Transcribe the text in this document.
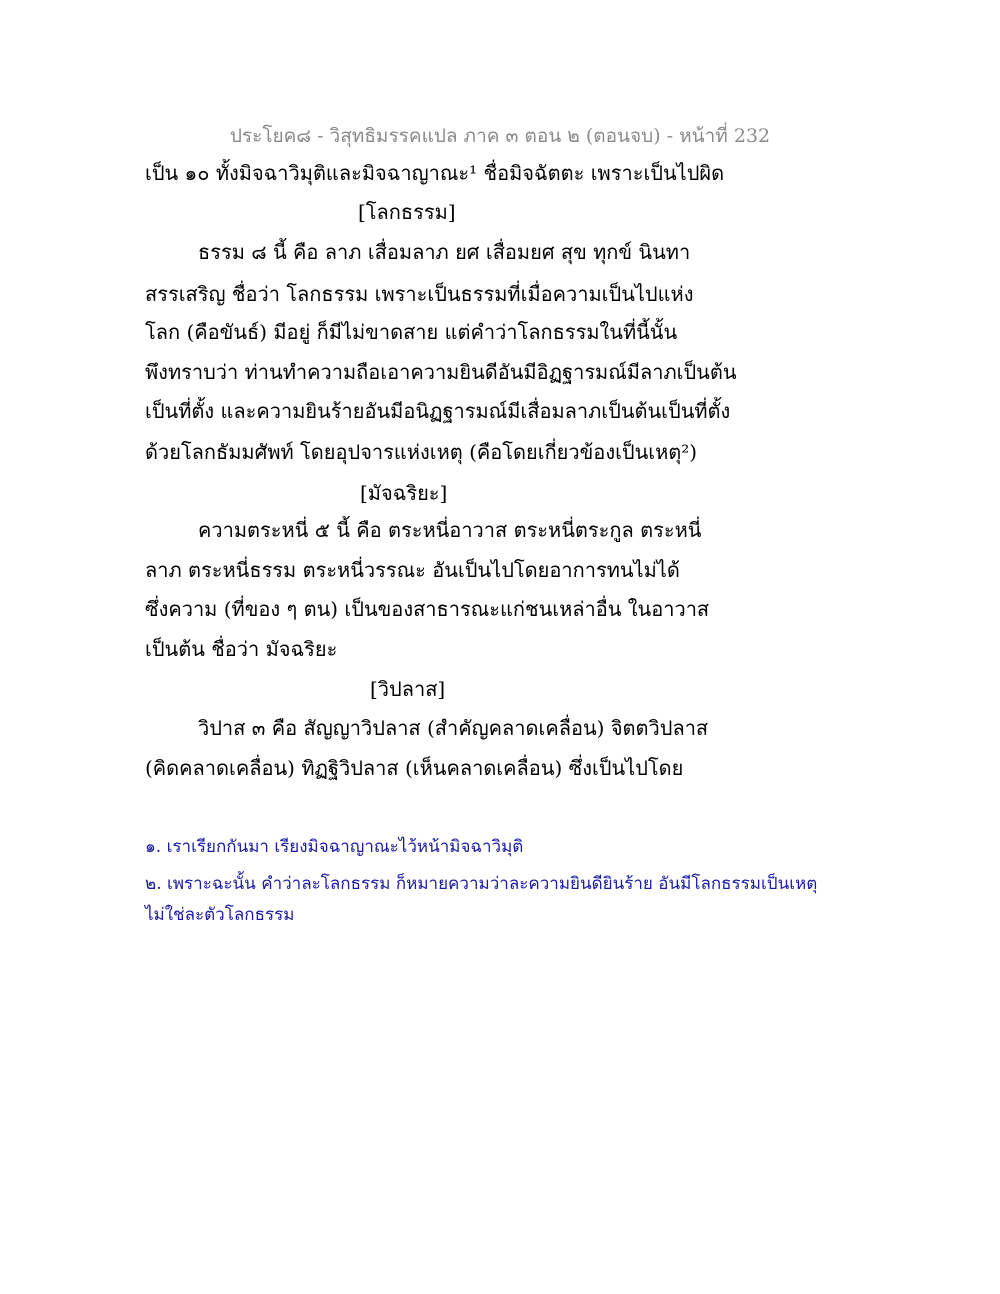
ประโยค๘ - วิสุทธิมรรคแปล ภาค ๓ ตอน ๒ (ตอนจบ) - หน้าที่ 232
เป็น ๑๐ ทั้งมิจฉาวิมุติและมิจฉาญาณะ¹ ชื่อมิจฉัตตะ เพราะเป็นไปผิด
[โลกธรรม]
ธรรม ๘ นี้ คือ ลาภ เสื่อมลาภ ยศ เสื่อมยศ สุข ทุกข์ นินทา
สรรเสริญ ชื่อว่า โลกธรรม เพราะเป็นธรรมที่เมื่อความเป็นไปแห่ง
โลก (คือขันธ์) มีอยู่ ก็มีไม่ขาดสาย แต่คำว่าโลกธรรมในที่นี้นั้น
พึงทราบว่า ท่านทำความถือเอาความยินดีอันมีอิฏฐารมณ์มีลาภเป็นต้น
เป็นที่ตั้ง และความยินร้ายอันมีอนิฏฐารมณ์มีเสื่อมลาภเป็นต้นเป็นที่ตั้ง
ด้วยโลกธัมมศัพท์ โดยอุปจารแห่งเหตุ (คือโดยเกี่ยวข้องเป็นเหตุ²)
[มัจฉริยะ]
ความตระหนี่ ๕ นี้ คือ ตระหนี่อาวาส ตระหนี่ตระกูล ตระหนี่
ลาภ ตระหนี่ธรรม ตระหนี่วรรณะ อันเป็นไปโดยอาการทนไม่ได้
ซึ่งความ (ที่ของ ๆ ตน) เป็นของสาธารณะแก่ชนเหล่าอื่น ในอาวาส
เป็นต้น ชื่อว่า มัจฉริยะ
[วิปลาส]
วิปาส ๓ คือ สัญญาวิปลาส (สำคัญคลาดเคลื่อน) จิตตวิปลาส
(คิดคลาดเคลื่อน) ทิฏฐิวิปลาส (เห็นคลาดเคลื่อน) ซึ่งเป็นไปโดย
๑. เราเรียกกันมา เรียงมิจฉาญาณะไว้หน้ามิจฉาวิมุติ
๒. เพราะฉะนั้น คำว่าละโลกธรรม ก็หมายความว่าละความยินดียินร้าย อันมีโลกธรรมเป็นเหตุ
ไม่ใช่ละตัวโลกธรรม
